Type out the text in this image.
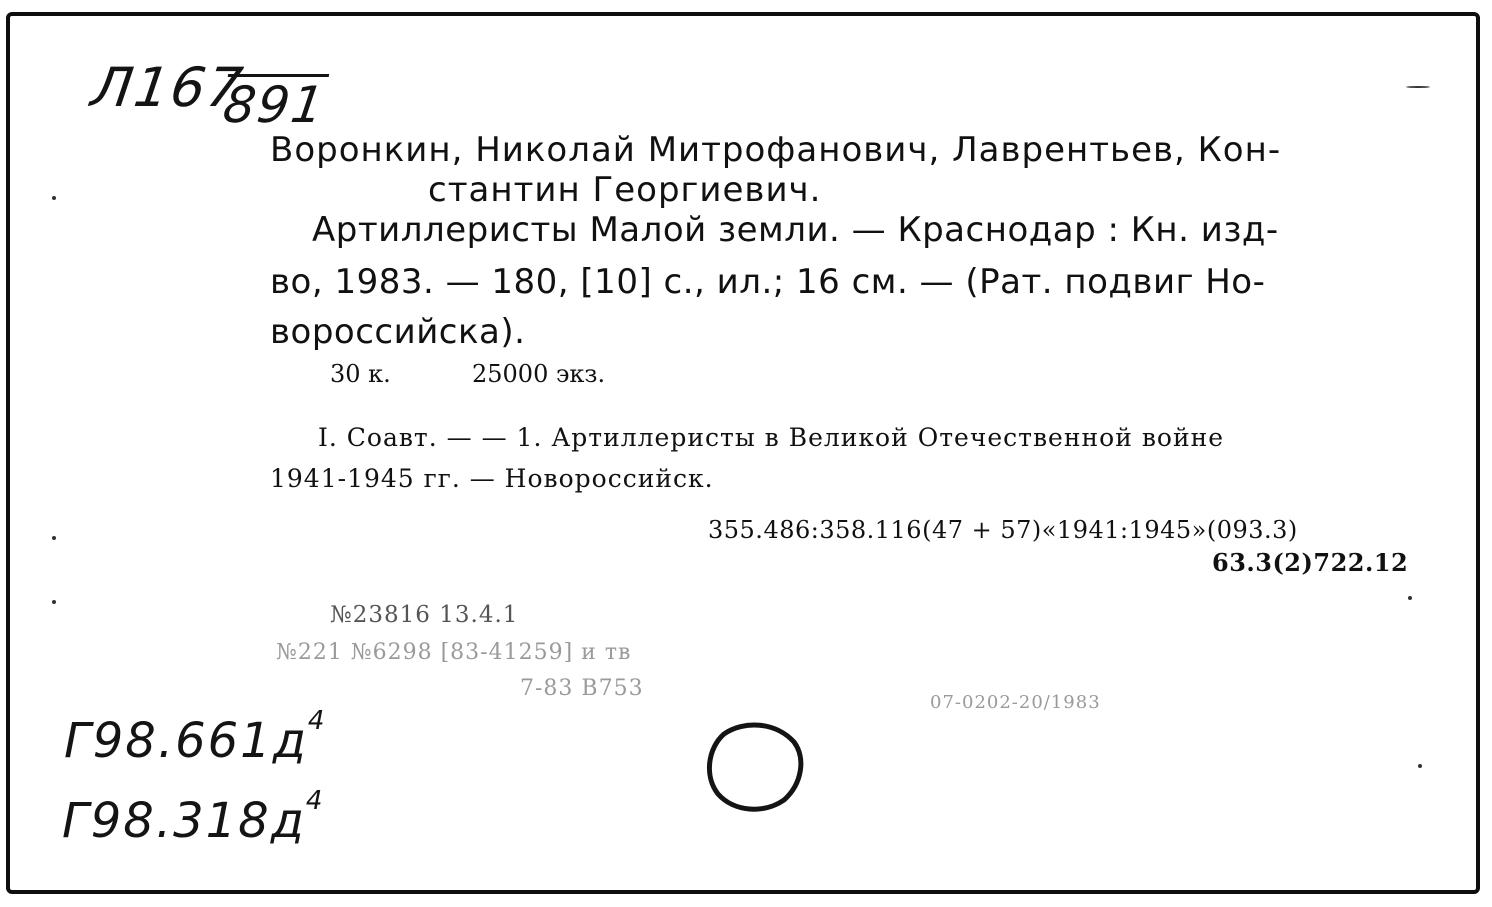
Л167
891
Воронкин, Николай Митрофанович, Лаврентьев, Кон-
стантин Георгиевич.
Артиллеристы Малой земли. — Краснодар : Кн. изд-
во, 1983. — 180, [10] с., ил.; 16 см. — (Рат. подвиг Но-
вороссийска).
30 к.	25000 экз.
I. Соавт. — — 1. Артиллеристы в Великой Отечественной войне
1941-1945 гг. — Новороссийск.
355.486:358.116(47 + 57)«1941:1945»(093.3)
63.3(2)722.12
№23816 13.4.1
№221 №6298 [83-41259] и тв
7-83 В753
07-0202-20/1983
$Г98.661д^4$
$Г98.318д^4$
